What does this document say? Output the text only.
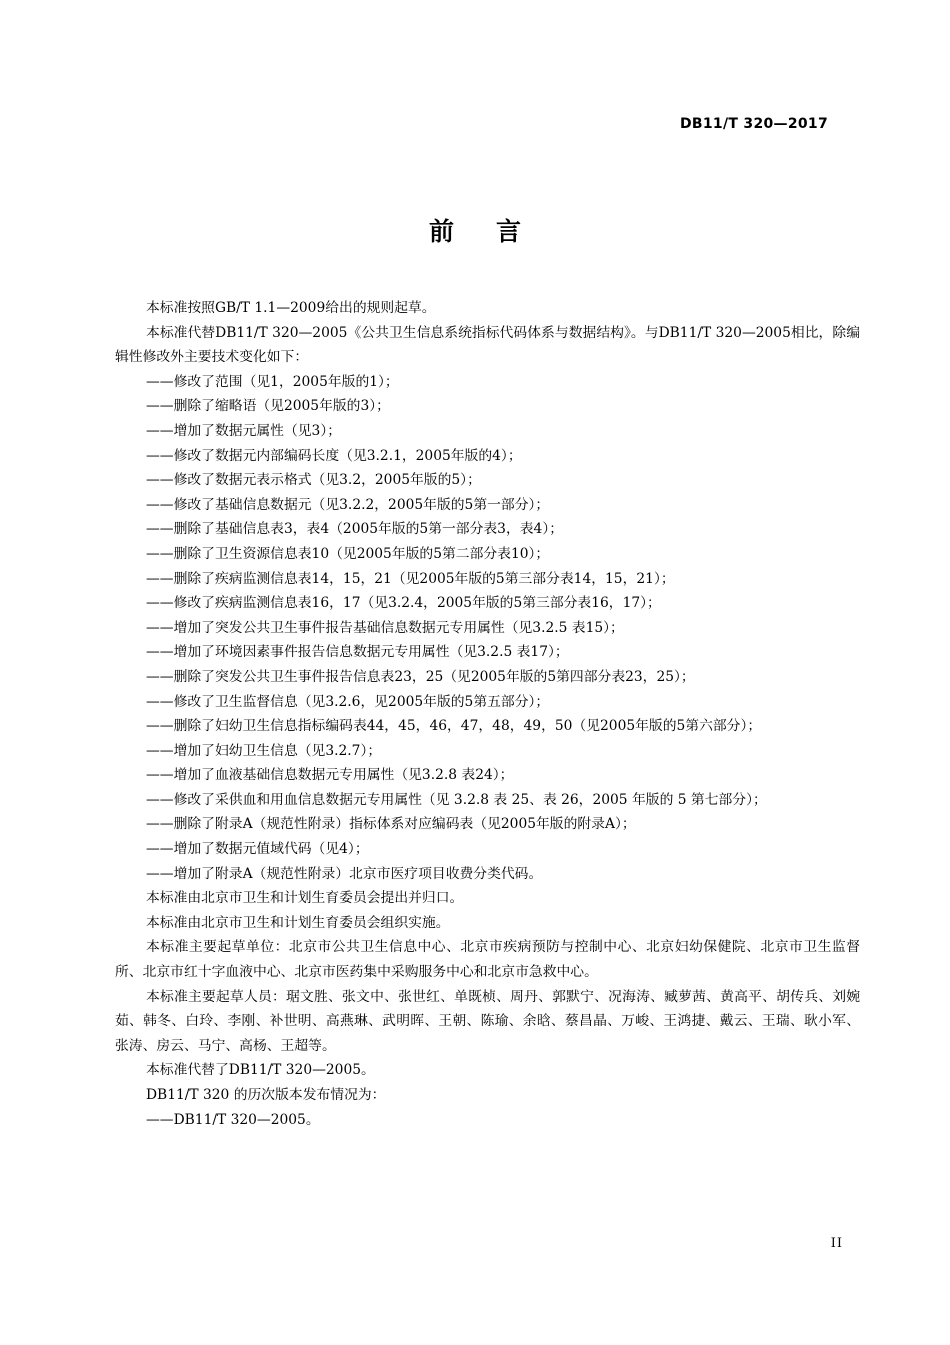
DB11/T 320—2017
前言

本标准按照GB/T 1.1—2009给出的规则起草。

本标准代替DB11/T 320—2005《公共卫生信息系统指标代码体系与数据结构》。与DB11/T 320—2005相比，除编辑性修改外主要技术变化如下：

——修改了范围（见1，2005年版的1）；

——删除了缩略语（见2005年版的3）；

——增加了数据元属性（见3）；

——修改了数据元内部编码长度（见3.2.1，2005年版的4）；

——修改了数据元表示格式（见3.2，2005年版的5）；

——修改了基础信息数据元（见3.2.2，2005年版的5第一部分）；

——删除了基础信息表3，表4（2005年版的5第一部分表3，表4）；

——删除了卫生资源信息表10（见2005年版的5第二部分表10）；

——删除了疾病监测信息表14，15，21（见2005年版的5第三部分表14，15，21）；

——修改了疾病监测信息表16，17（见3.2.4，2005年版的5第三部分表16，17）；

——增加了突发公共卫生事件报告基础信息数据元专用属性（见3.2.5 表15）；

——增加了环境因素事件报告信息数据元专用属性（见3.2.5 表17）；

——删除了突发公共卫生事件报告信息表23，25（见2005年版的5第四部分表23，25）；

——修改了卫生监督信息（见3.2.6，见2005年版的5第五部分）；

——删除了妇幼卫生信息指标编码表44，45，46，47，48，49，50（见2005年版的5第六部分）；

——增加了妇幼卫生信息（见3.2.7）；

——增加了血液基础信息数据元专用属性（见3.2.8 表24）；

——修改了采供血和用血信息数据元专用属性（见 3.2.8 表 25、表 26，2005 年版的 5 第七部分）；

——删除了附录A（规范性附录）指标体系对应编码表（见2005年版的附录A）；

——增加了数据元值域代码（见4）；

——增加了附录A（规范性附录）北京市医疗项目收费分类代码。

本标准由北京市卫生和计划生育委员会提出并归口。

本标准由北京市卫生和计划生育委员会组织实施。

本标准主要起草单位：北京市公共卫生信息中心、北京市疾病预防与控制中心、北京妇幼保健院、北京市卫生监督所、北京市红十字血液中心、北京市医药集中采购服务中心和北京市急救中心。

本标准主要起草人员：琚文胜、张文中、张世红、单既桢、周丹、郭默宁、况海涛、臧萝茜、黄高平、胡传兵、刘婉茹、韩冬、白玲、李刚、补世明、高燕琳、武明晖、王朝、陈瑜、余晗、蔡昌晶、万峻、王鸿捷、戴云、王瑞、耿小军、张涛、房云、马宁、高杨、王超等。

本标准代替了DB11/T 320—2005。

DB11/T 320 的历次版本发布情况为：

——DB11/T 320—2005。

II
